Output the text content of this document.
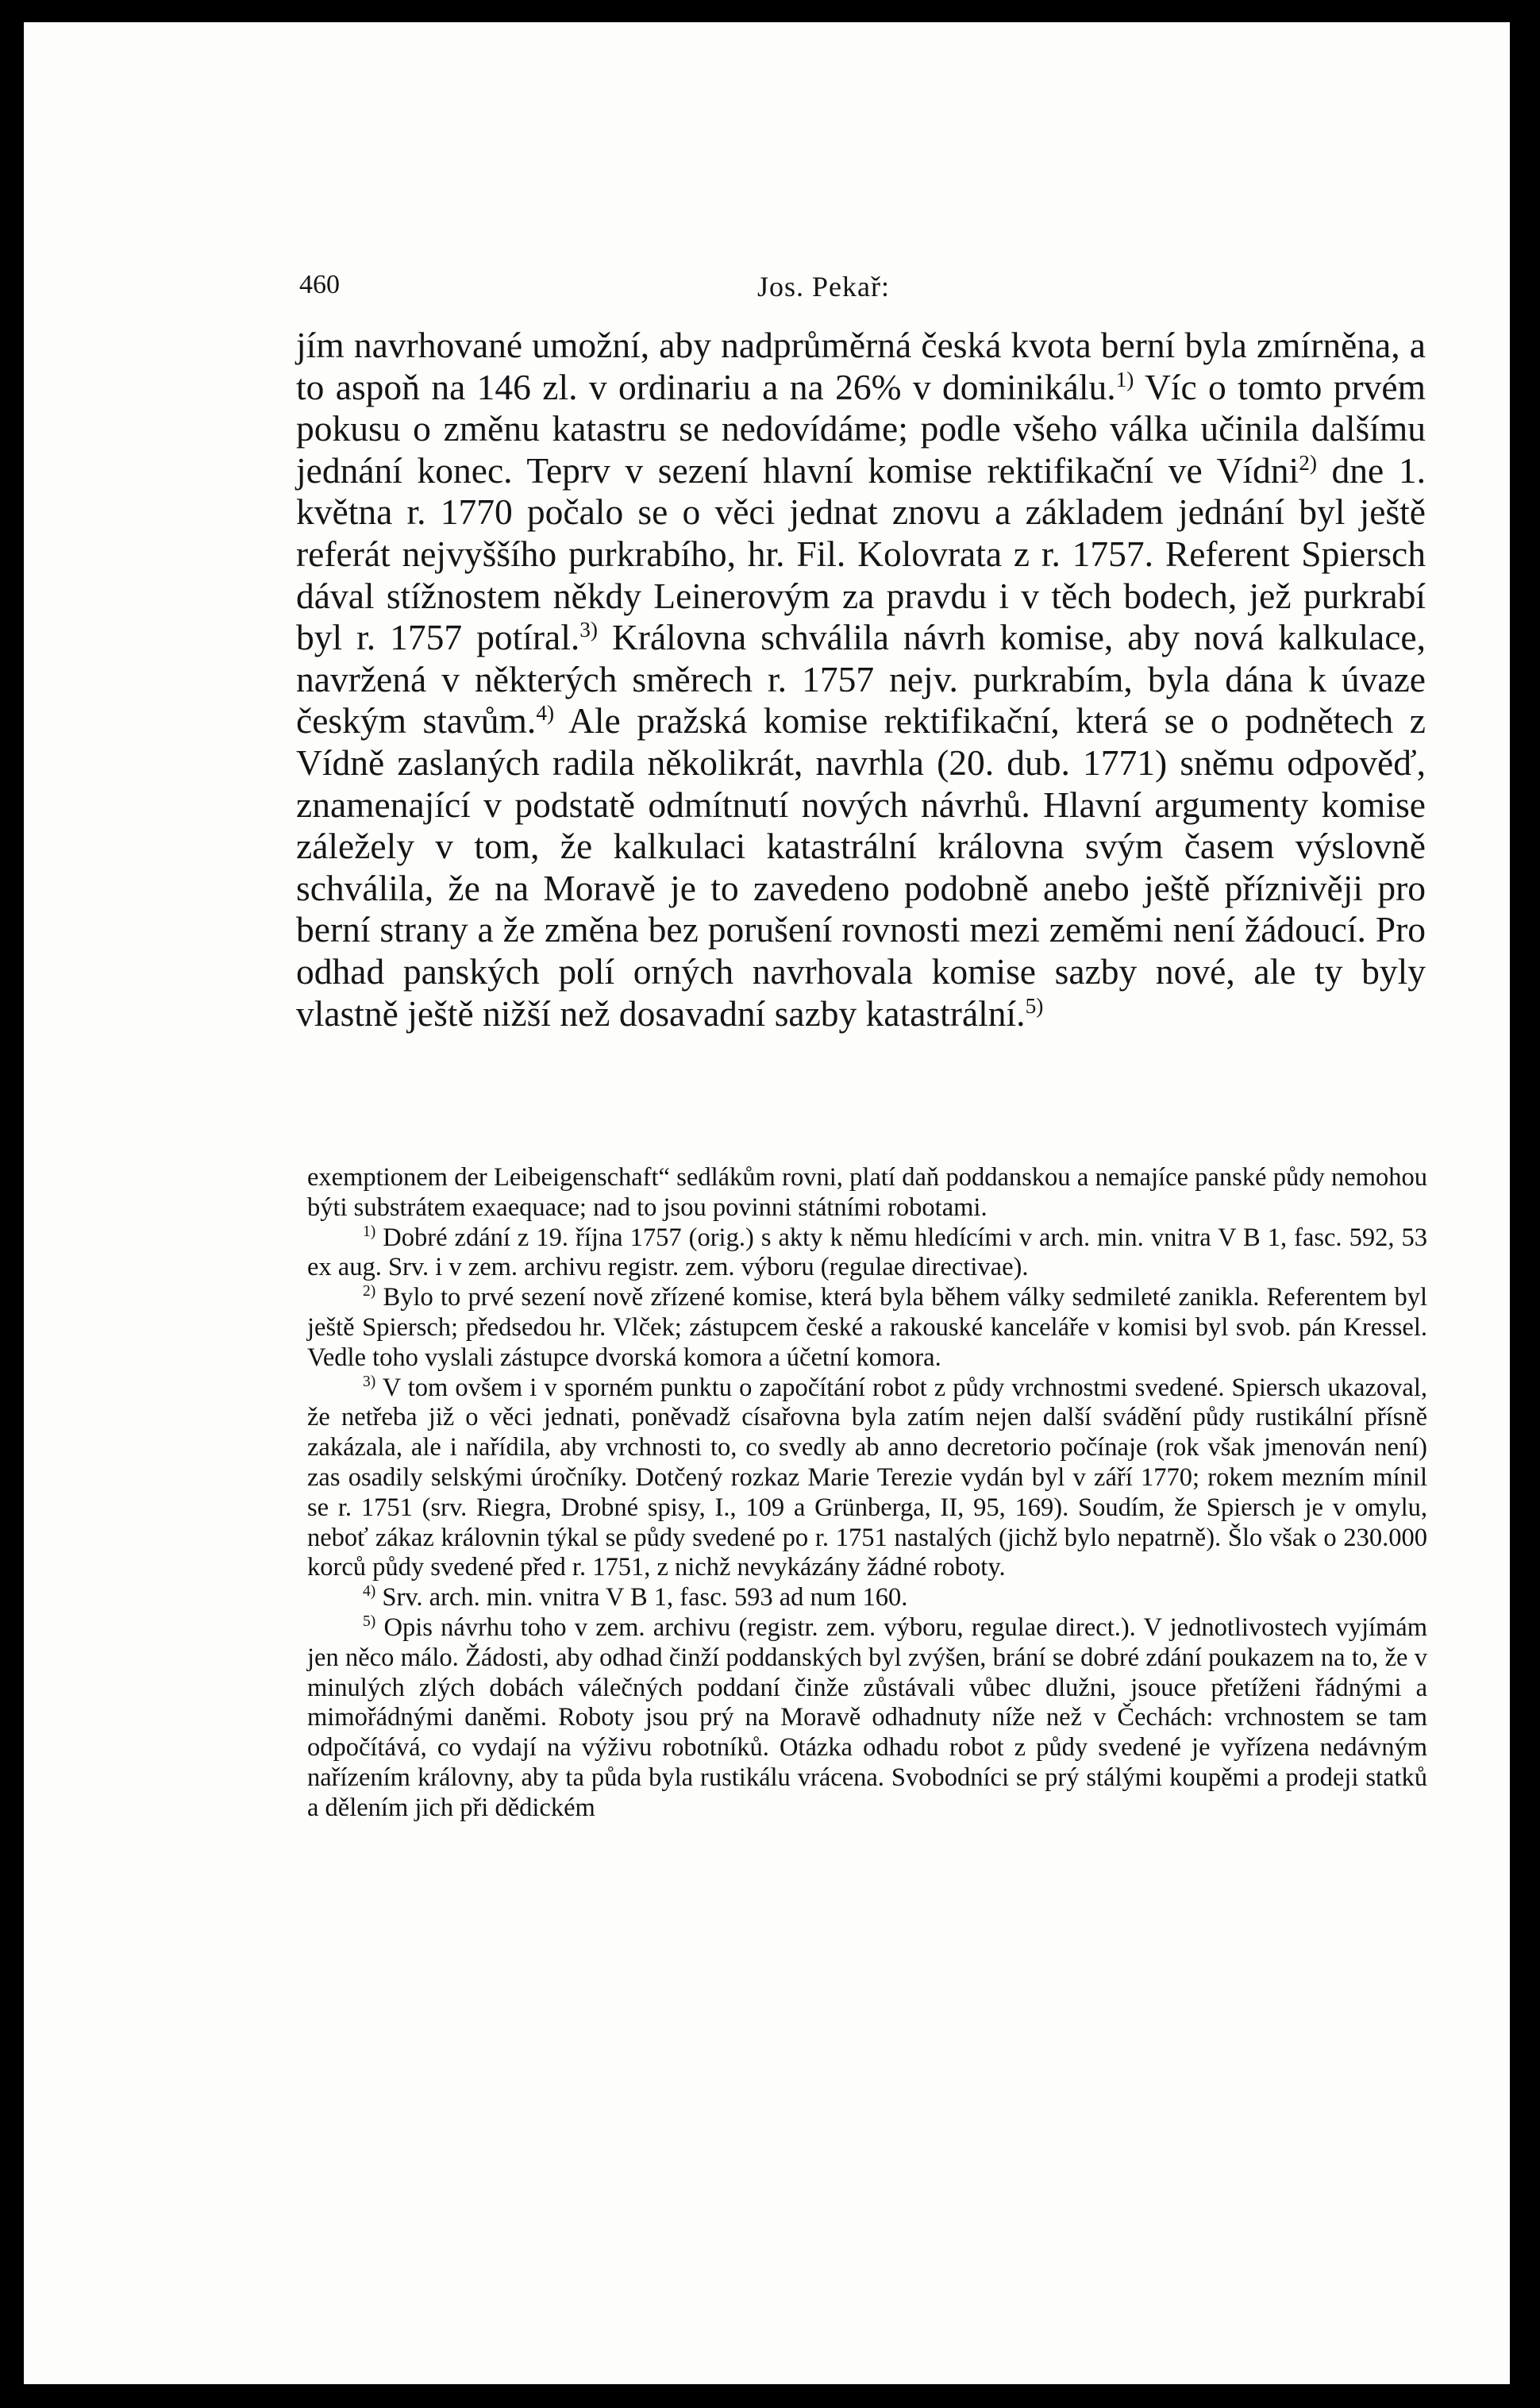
460	Jos. Pekař:

jím navrhované umožní, aby nadprůměrná česká kvota berní byla zmírněna, a to aspoň na 146 zl. v ordinariu a na 26% v dominikálu.$^{1)}$ Víc o tomto prvém pokusu o změnu katastru se nedovídáme; podle všeho válka učinila dalšímu jednání konec. Teprv v sezení hlavní komise rektifikační ve Vídni$^{2)}$ dne 1. května r. 1770 počalo se o věci jednat znovu a základem jednání byl ještě referát nejvyššího purkrabího, hr. Fil. Kolovrata z r. 1757. Referent Spiersch dával stížnostem někdy Leinerovým za pravdu i v těch bodech, jež purkrabí byl r. 1757 potíral.$^{3)}$ Královna schválila návrh komise, aby nová kalkulace, navržená v některých směrech r. 1757 nejv. purkrabím, byla dána k úvaze českým stavům.$^{4)}$ Ale pražská komise rektifikační, která se o podnětech z Vídně zaslaných radila několikrát, navrhla (20. dub. 1771) sněmu odpověď, znamenající v podstatě odmítnutí nových návrhů. Hlavní argumenty komise záležely v tom, že kalkulaci katastrální královna svým časem výslovně schválila, že na Moravě je to zavedeno podobně anebo ještě příznivěji pro berní strany a že změna bez porušení rovnosti mezi zeměmi není žádoucí. Pro odhad panských polí orných navrhovala komise sazby nové, ale ty byly vlastně ještě nižší než dosavadní sazby katastrální.$^{5)}$

exemptionem der Leibeigenschaft“ sedlákům rovni, platí daň poddanskou a nemajíce panské půdy nemohou býti substrátem exaequace; nad to jsou povinni státními robotami.

$^{1)}$ Dobré zdání z 19. října 1757 (orig.) s akty k němu hledícími v arch. min. vnitra V B 1, fasc. 592, 53 ex aug. Srv. i v zem. archivu registr. zem. výboru (regulae directivae).

$^{2)}$ Bylo to prvé sezení nově zřízené komise, která byla během války sedmileté zanikla. Referentem byl ještě Spiersch; předsedou hr. Vlček; zástupcem české a rakouské kanceláře v komisi byl svob. pán Kressel. Vedle toho vyslali zástupce dvorská komora a účetní komora.

$^{3)}$ V tom ovšem i v sporném punktu o započítání robot z půdy vrchnostmi svedené. Spiersch ukazoval, že netřeba již o věci jednati, poněvadž císařovna byla zatím nejen další svádění půdy rustikální přísně zakázala, ale i nařídila, aby vrchnosti to, co svedly ab anno decretorio počínaje (rok však jmenován není) zas osadily selskými úročníky. Dotčený rozkaz Marie Terezie vydán byl v září 1770; rokem mezním mínil se r. 1751 (srv. Riegra, Drobné spisy, I., 109 a Grünberga, II, 95, 169). Soudím, že Spiersch je v omylu, neboť zákaz královnin týkal se půdy svedené po r. 1751 nastalých (jichž bylo nepatrně). Šlo však o 230.000 korců půdy svedené před r. 1751, z nichž nevykázány žádné roboty.

$^{4)}$ Srv. arch. min. vnitra V B 1, fasc. 593 ad num 160.

$^{5)}$ Opis návrhu toho v zem. archivu (registr. zem. výboru, regulae direct.). V jednotlivostech vyjímám jen něco málo. Žádosti, aby odhad činží poddanských byl zvýšen, brání se dobré zdání poukazem na to, že v minulých zlých dobách válečných poddaní činže zůstávali vůbec dlužni, jsouce přetíženi řádnými a mimořádnými daněmi. Roboty jsou prý na Moravě odhadnuty níže než v Čechách: vrchnostem se tam odpočítává, co vydají na výživu robotníků. Otázka odhadu robot z půdy svedené je vyřízena nedávným nařízením královny, aby ta půda byla rustikálu vrácena. Svobodníci se prý stálými koupěmi a prodeji statků a dělením jich při dědickém
